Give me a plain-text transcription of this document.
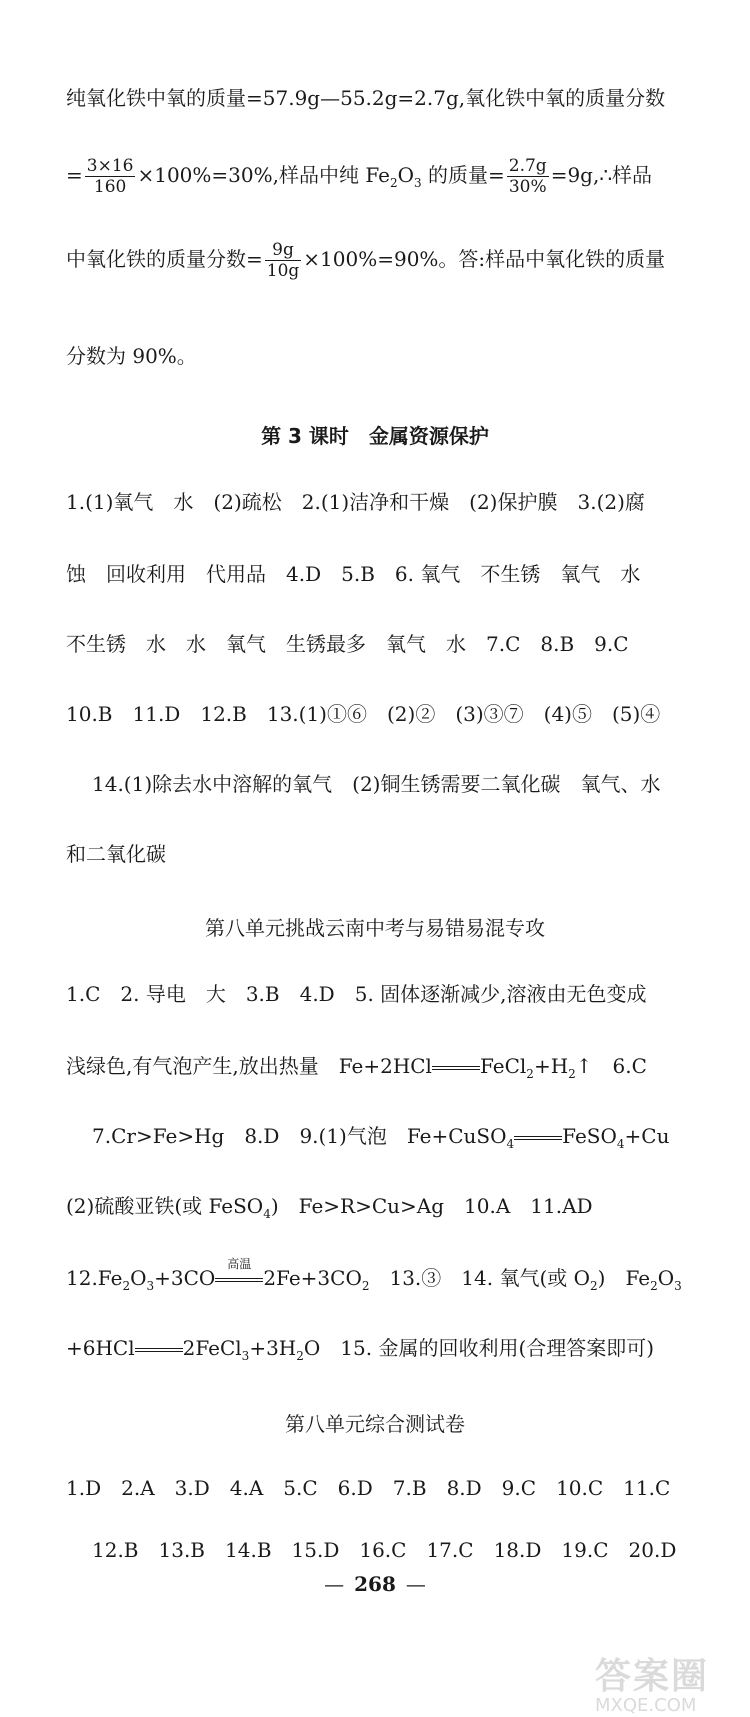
纯氧化铁中氧的质量=57.9g—55.2g=2.7g,氧化铁中氧的质量分数
= $\frac{3\times 16}{160} \times 100\%=30\%$,样品中纯 $Fe_2O_3$ 的质量= $\frac{2.7g}{30\%}$ =9g,∴样品
中氧化铁的质量分数= $\frac{9g}{10g} \times 100\%=90\%$。答:样品中氧化铁的质量
分数为 90%。
第 3 课时　金属资源保护
1.(1)氧气　水　(2)疏松　2.(1)洁净和干燥　(2)保护膜　3.(2)腐
蚀　回收利用　代用品　4.D　5.B　6. 氧气　不生锈　氧气　水
不生锈　水　水　氧气　生锈最多　氧气　水　7.C　8.B　9.C
10.B　11.D　12.B　13.(1)①⑥　(2)②　(3)③⑦　(4)⑤　(5)④
14.(1)除去水中溶解的氧气　(2)铜生锈需要二氧化碳　氧气、水
和二氧化碳
第八单元挑战云南中考与易错易混专攻
1.C　2. 导电　大　3.B　4.D　5. 固体逐渐减少,溶液由无色变成
浅绿色,有气泡产生,放出热量　Fe+2HCl $FeCl_2+H_2↑$　6.C
7.Cr>Fe>Hg　8.D　9.(1)气泡　Fe+CuSO$_4$ FeSO$_4$+Cu
(2)硫酸亚铁(或 FeSO$_4$)　Fe>R>Cu>Ag　10.A　11.AD
$12.Fe_2O_3+3CO$
高温
$2Fe+3CO_2$　13.③　14. 氧气(或 $O_2$)　$Fe_2O_3$
+6HCl $2FeCl_3+3H_2O$　15. 金属的回收利用(合理答案即可)
第八单元综合测试卷
1.D　2.A　3.D　4.A　5.C　6.D　7.B　8.D　9.C　10.C　11.C
12.B　13.B　14.B　15.D　16.C　17.C　18.D　19.C　20.D
— 268 —
答案圈
MXQE.COM
